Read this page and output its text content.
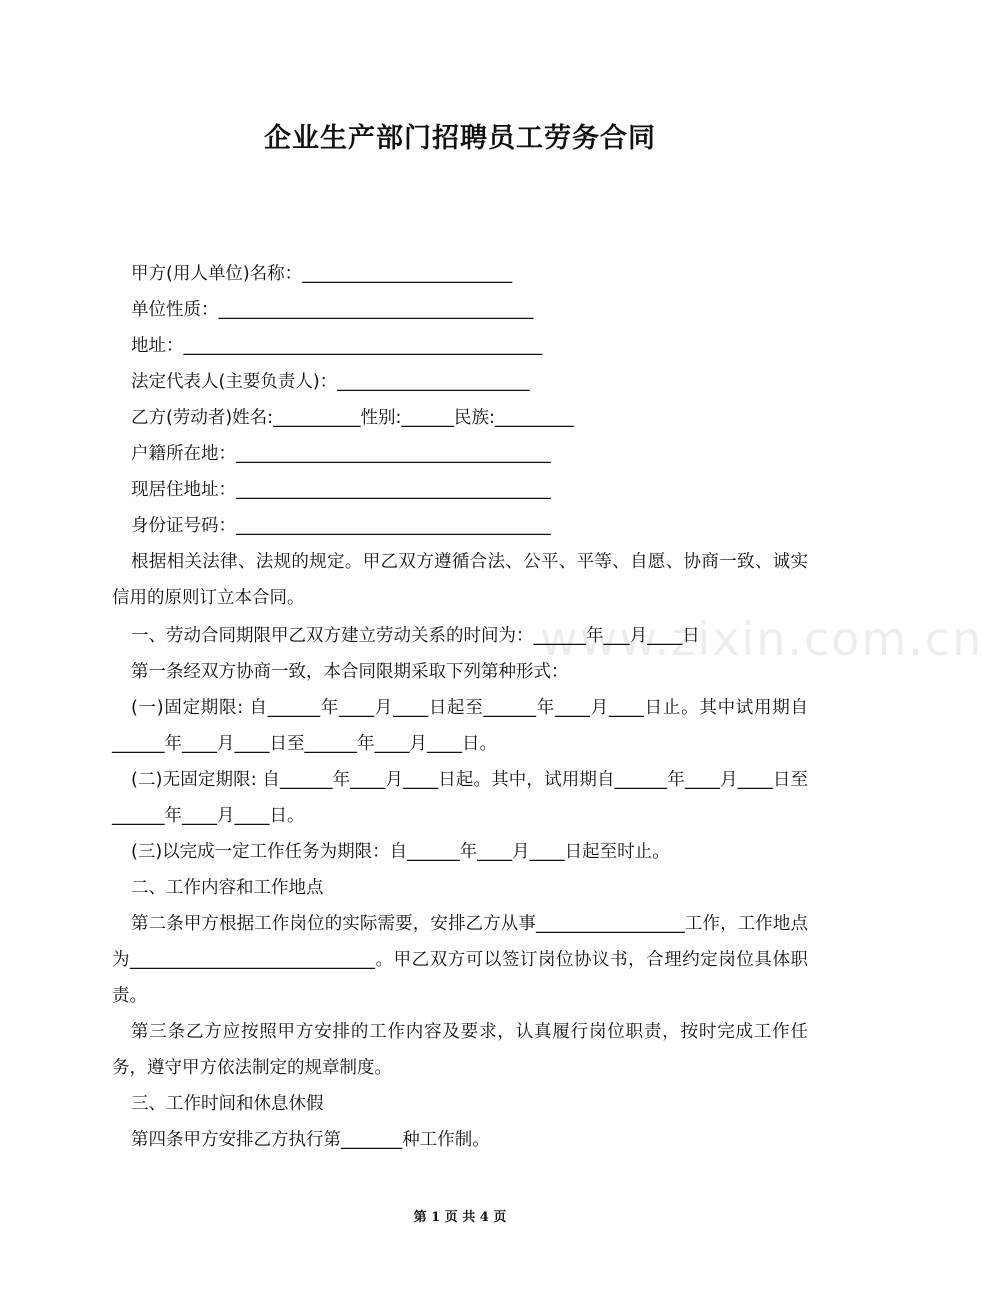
企业生产部门招聘员工劳务合同
甲方(用人单位)名称：________________________
单位性质：____________________________________
地址：_________________________________________
法定代表人(主要负责人)：______________________
乙方(劳动者)姓名:__________性别:______民族:_________
户籍所在地：____________________________________
现居住地址：____________________________________
身份证号码：____________________________________
根据相关法律、法规的规定。甲乙双方遵循合法、公平、平等、自愿、协商一致、诚实信用的原则订立本合同。
一、劳动合同期限甲乙双方建立劳动关系的时间为：______年___月____日
第一条经双方协商一致，本合同限期采取下列第种形式：
(一)固定期限: 自______年____月____日起至______年____月____日止。其中试用期自______年____月____日至______年____月____日。
(二)无固定期限: 自______年____月____日起。其中，试用期自______年____月____日至______年____月____日。
(三)以完成一定工作任务为期限：自______年____月____日起至时止。
二、工作内容和工作地点
第二条甲方根据工作岗位的实际需要，安排乙方从事_________________工作，工作地点为____________________________。甲乙双方可以签订岗位协议书，合理约定岗位具体职责。
第三条乙方应按照甲方安排的工作内容及要求，认真履行岗位职责，按时完成工作任务，遵守甲方依法制定的规章制度。
三、工作时间和休息休假
第四条甲方安排乙方执行第_______种工作制。
www.zixin.com.cn
第 1 页 共 4 页
